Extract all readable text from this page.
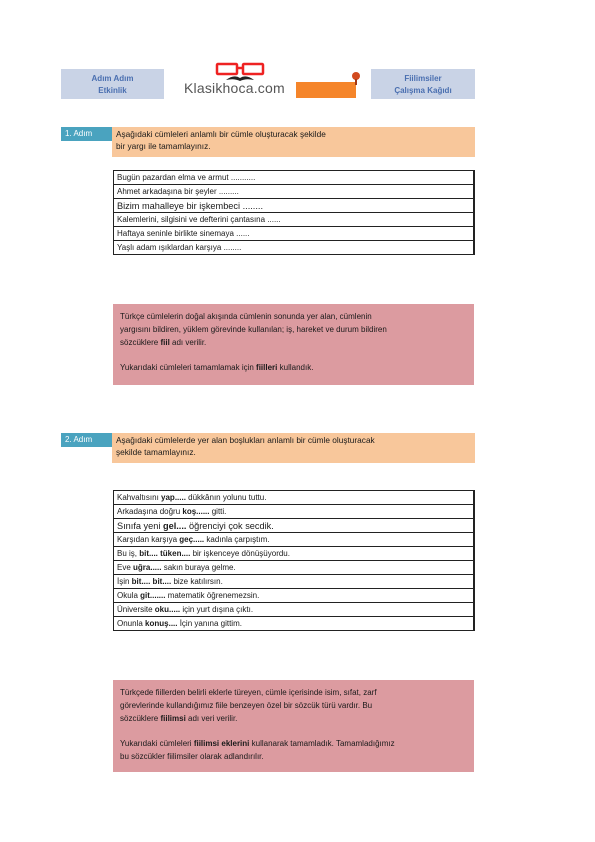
Adım Adım
Etkinlik	Klasikhoca.com
Fiilimsiler
Çalışma Kağıdı
1. Adım	Aşağıdaki cümleleri anlamlı bir cümle oluşturacak şekilde
bir yargı ile tamamlayınız.
Bugün pazardan elma ve armut ...........
Ahmet arkadaşına bir şeyler .........
Bizim mahalleye bir işkembeci ........
Kalemlerini, silgisini ve defterini çantasına ......
Haftaya seninle birlikte sinemaya ......
Yaşlı adam ışıklardan karşıya ........

Türkçe cümlelerin doğal akışında cümlenin sonunda yer alan, cümlenin

yargısını bildiren, yüklem görevinde kullanılan; iş, hareket ve durum bildiren

sözcüklere fiil adı verilir.

Yukarıdaki cümleleri tamamlamak için fiilleri kullandık.

2. Adım	Aşağıdaki cümlelerde yer alan boşlukları anlamlı bir cümle oluşturacak
şekilde tamamlayınız.
Kahvaltısını yap..... dükkânın yolunu tuttu.
Arkadaşına doğru koş...... gitti.
Sınıfa yeni gel.... öğrenciyi çok secdik.
Karşıdan karşıya geç..... kadınla çarpıştım.
Bu iş, bit.... tüken.... bir işkenceye dönüşüyordu.
Eve uğra..... sakın buraya gelme.
İşin bit.... bit.... bize katılırsın.
Okula git....... matematik öğrenemezsin.
Üniversite oku..... için yurt dışına çıktı.
Onunla konuş.... İçin yanına gittim.

Türkçede fiillerden belirli eklerle türeyen, cümle içerisinde isim, sıfat, zarf

görevlerinde kullandığımız fiile benzeyen özel bir sözcük türü vardır. Bu

sözcüklere fiilimsi adı veri verilir.

Yukarıdaki cümleleri fiilimsi eklerini kullanarak tamamladık. Tamamladığımız

bu sözcükler fiilimsiler olarak adlandırılır.
